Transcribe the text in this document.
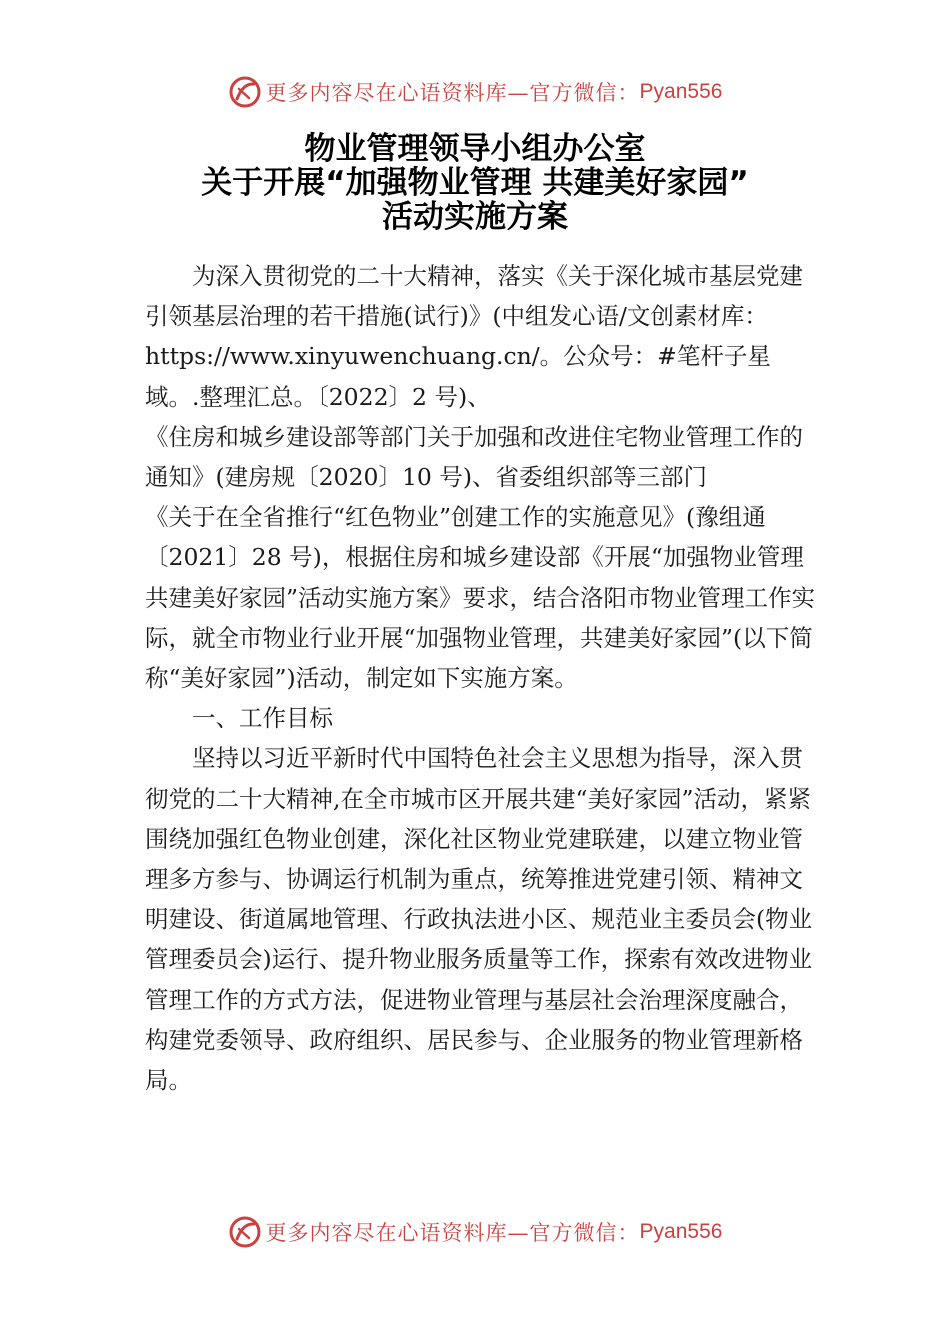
更多内容尽在心语资料库—官方微信： Pyan556
物业管理领导小组办公室
关于开展“加强物业管理 共建美好家园”
活动实施方案

为深入贯彻党的二十大精神，落实《关于深化城市基层党建引领基层治理的若干措施(试行)》(中组发心语/文创素材库：https://www.xinyuwenchuang.cn/。公众号：#笔杆子星域。.整理汇总。〔2022〕2 号)、

《住房和城乡建设部等部门关于加强和改进住宅物业管理工作的通知》(建房规〔2020〕10 号)、省委组织部等三部门

《关于在全省推行“红色物业”创建工作的实施意见》(豫组通〔2021〕28 号)，根据住房和城乡建设部《开展“加强物业管理共建美好家园”活动实施方案》要求，结合洛阳市物业管理工作实际，就全市物业行业开展“加强物业管理，共建美好家园”(以下简称“美好家园”)活动，制定如下实施方案。

一、工作目标

坚持以习近平新时代中国特色社会主义思想为指导，深入贯彻党的二十大精神,在全市城市区开展共建“美好家园”活动，紧紧围绕加强红色物业创建，深化社区物业党建联建，以建立物业管理多方参与、协调运行机制为重点，统筹推进党建引领、精神文明建设、街道属地管理、行政执法进小区、规范业主委员会(物业管理委员会)运行、提升物业服务质量等工作，探索有效改进物业管理工作的方式方法，促进物业管理与基层社会治理深度融合，构建党委领导、政府组织、居民参与、企业服务的物业管理新格局。

更多内容尽在心语资料库—官方微信： Pyan556
